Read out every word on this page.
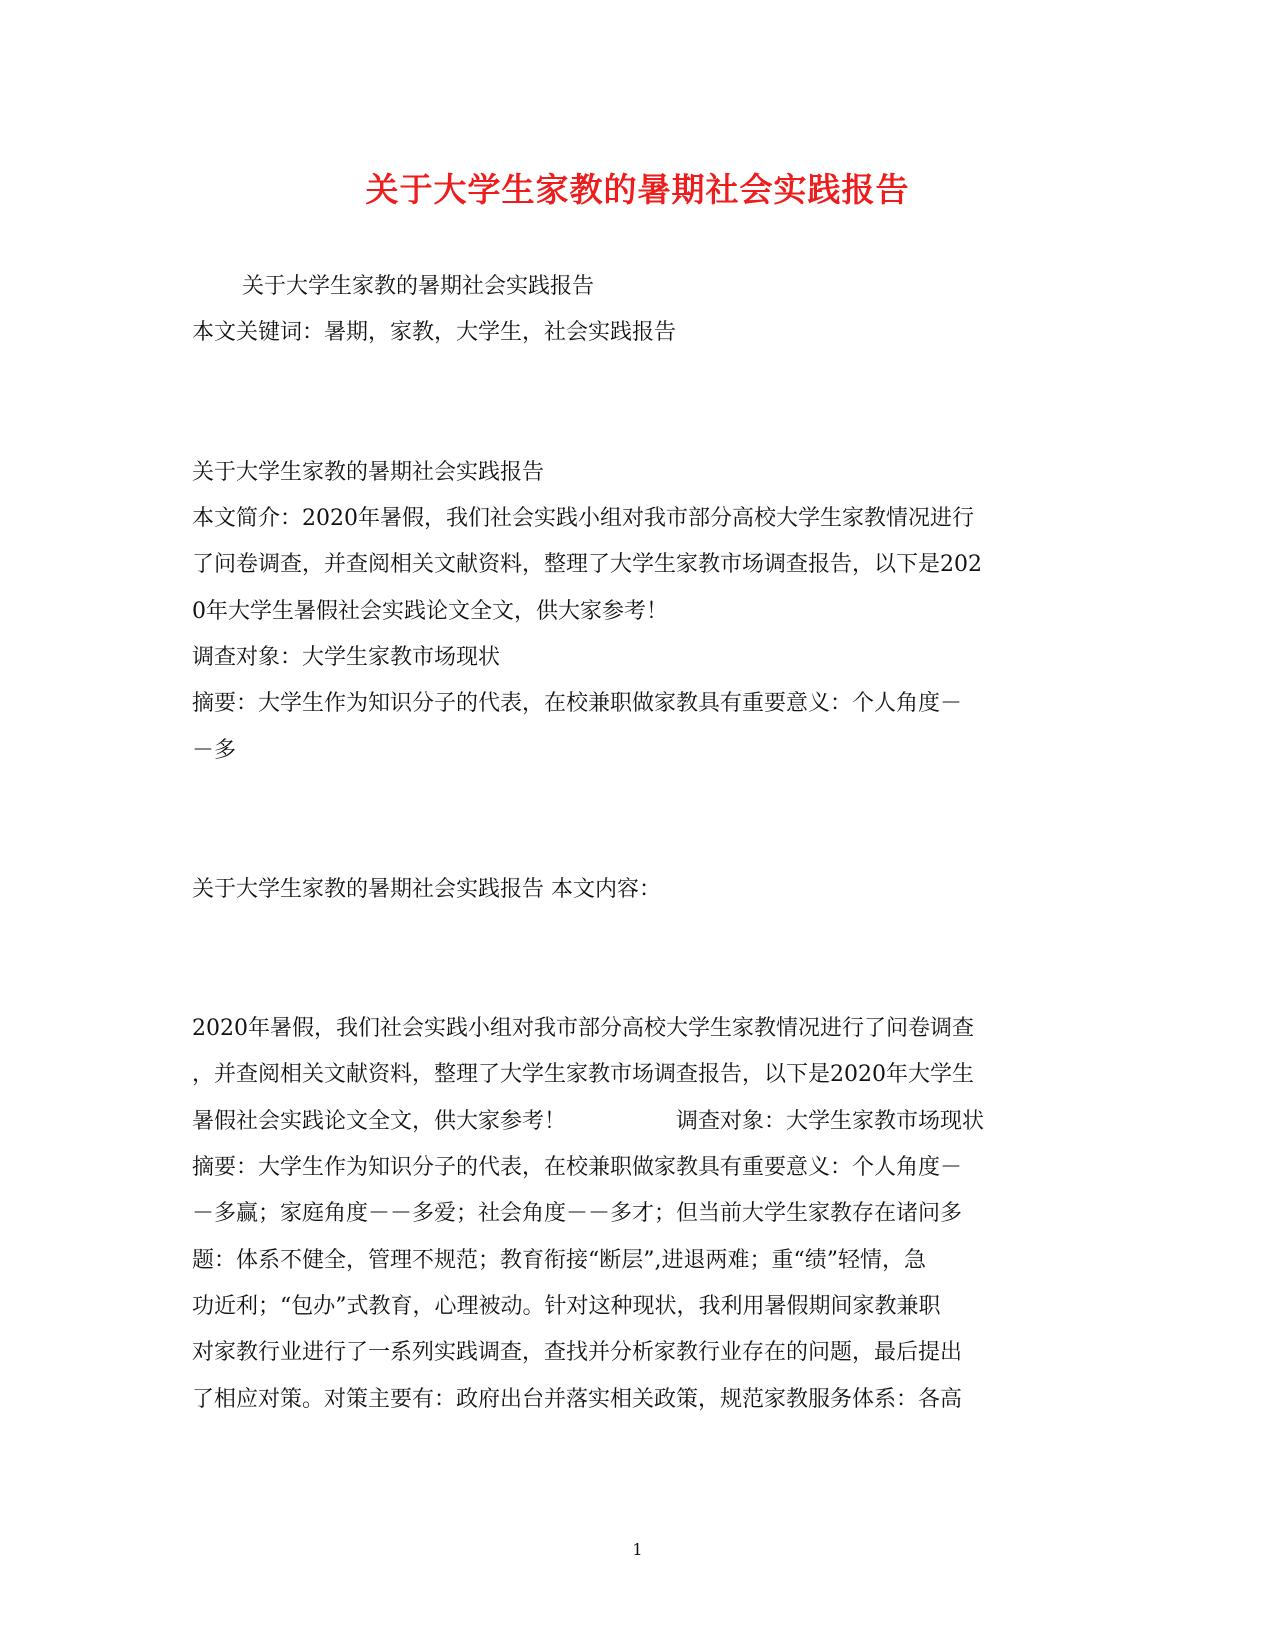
关于大学生家教的暑期社会实践报告
关于大学生家教的暑期社会实践报告
本文关键词：暑期，家教，大学生，社会实践报告
关于大学生家教的暑期社会实践报告
本文简介：2020年暑假，我们社会实践小组对我市部分高校大学生家教情况进行
了问卷调查，并查阅相关文献资料，整理了大学生家教市场调查报告，以下是202
0年大学生暑假社会实践论文全文，供大家参考！
调查对象：大学生家教市场现状
摘要：大学生作为知识分子的代表，在校兼职做家教具有重要意义：个人角度－
－多
关于大学生家教的暑期社会实践报告 本文内容：
2020年暑假，我们社会实践小组对我市部分高校大学生家教情况进行了问卷调查
，并查阅相关文献资料，整理了大学生家教市场调查报告，以下是2020年大学生
暑假社会实践论文全文，供大家参考！	调查对象：大学生家教市场现状
摘要：大学生作为知识分子的代表，在校兼职做家教具有重要意义：个人角度－
－多赢；家庭角度－－多爱；社会角度－－多才；但当前大学生家教存在诸问多
题：体系不健全，管理不规范；教育衔接“断层”,进退两难；重“绩”轻情，急
功近利；“包办”式教育，心理被动。针对这种现状，我利用暑假期间家教兼职
对家教行业进行了一系列实践调查，查找并分析家教行业存在的问题，最后提出
了相应对策。对策主要有：政府出台并落实相关政策，规范家教服务体系：各高
1
